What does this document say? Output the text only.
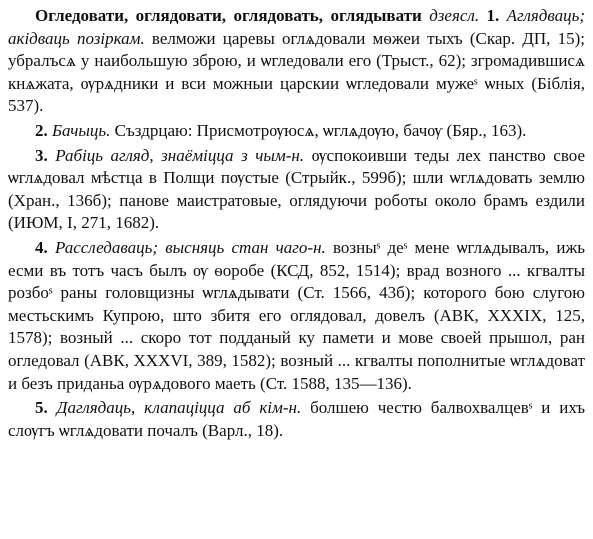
Огледовати, оглядовати, оглядовать, оглядывати дзеясл. 1. Аглядваць; акідваць позіркам. велможи царевы оглѧдовали мѳжеи тыхъ (Скар. ДП, 15); убралъсѧ у наибольшую зброю, и ѡгледовали его (Трыст., 62); згромадившисѧ кнѧжата, ѹрѧдники и вси можныи царскии ѡгледовали мужеˢ ѡных (Біблія, 537).

2. Бачыць. Създрцаю: Присмотрѹюсѧ, ѡглѧдѹю, бачѹ (Бяр., 163).

3. Рабіць агляд, знаёміцца з чым-н. ѹспокоивши теды лех панство свое ѡглѧдовал мѣстца в Полщи пѹстые (Стрыйк., 599б); шли ѡглѧдовать землю (Хран., 136б); панове маистратовые, оглядуючи роботы около брамъ ездили (ИЮМ, I, 271, 1682).

4. Расследаваць; высняць стан чаго-н. возныˢ деˢ мене ѡглѧдывалъ, ижь есми въ тотъ часъ былъ ѹ ѳоробе (КСД, 852, 1514); врад возного ... кгвалты розбоˢ раны головщизны ѡглѧдывати (Ст. 1566, 43б); которого бою слугою местьскимъ Купрою, што збитя его оглядовал, довелъ (АВК, XXXIX, 125, 1578); возный ... скоро тот подданый ку памети и мове своей прышол, ран огледовал (АВК, XXXVI, 389, 1582); возный ... кгвалты пополнитые ѡглѧдоват и безъ приданьа ѹрѧдового маеть (Ст. 1588, 135—136).

5. Даглядаць, клапаціцца аб кім-н. болшею честю балвохвалцевˢ и ихъ слѹгъ ѡглѧдовати почалъ (Варл., 18).
